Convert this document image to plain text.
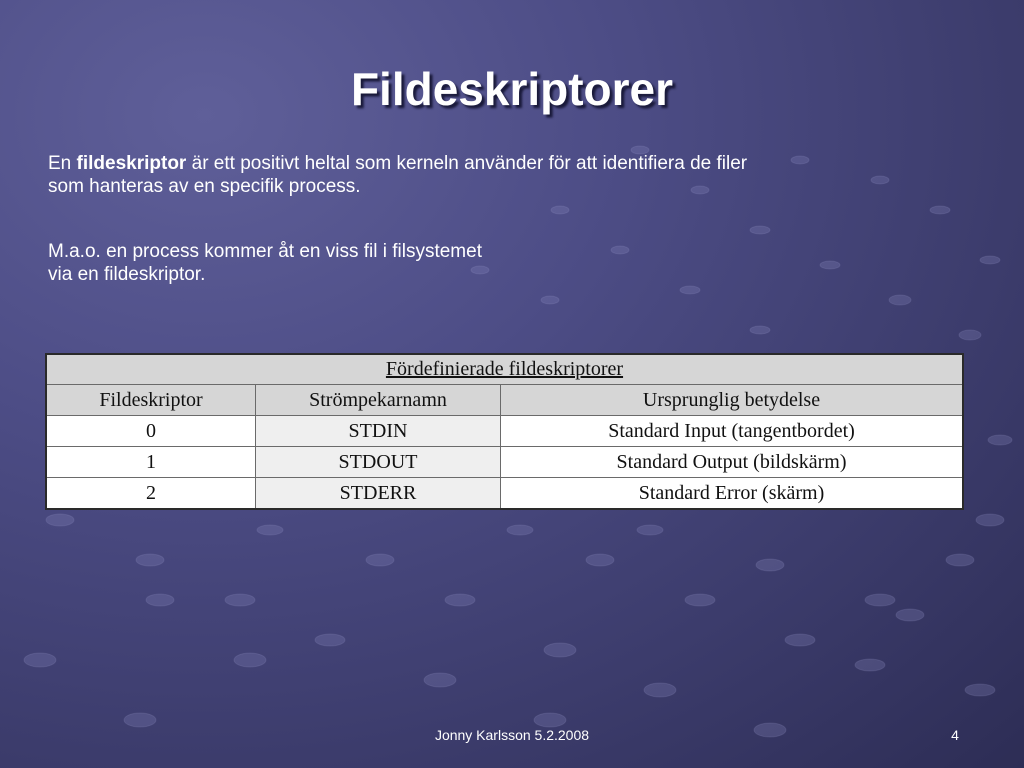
Fildeskriptorer
En fildeskriptor är ett positivt heltal som kerneln använder för att identifiera de filer
som hanteras av en specifik process.
M.a.o. en process kommer åt en viss fil i filsystemet
via en fildeskriptor.
Fördefinierade fildeskriptorer		
Fildeskriptor	Strömpekarnamn	Ursprunglig betydelse
0	STDIN	Standard Input (tangentbordet)
1	STDOUT	Standard Output (bildskärm)
2	STDERR	Standard Error (skärm)
Jonny Karlsson 5.2.2008	4
